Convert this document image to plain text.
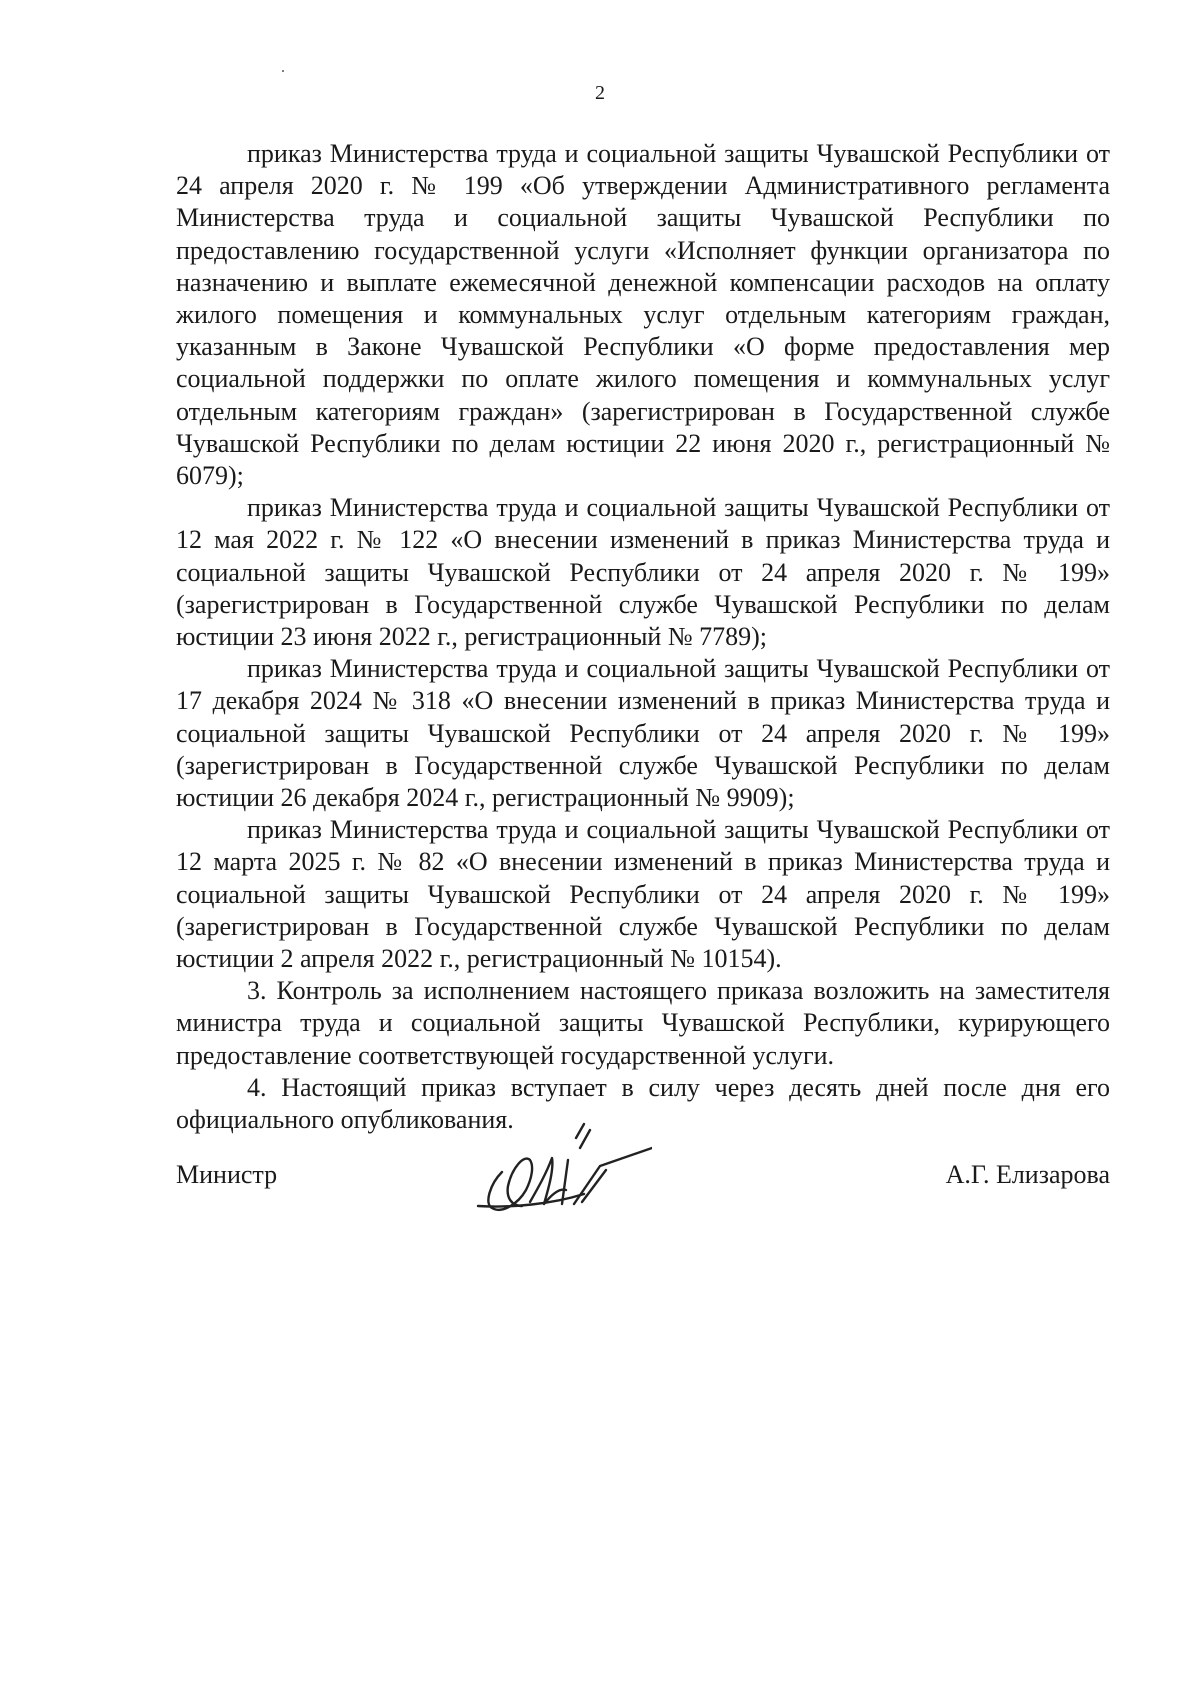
2

приказ Министерства труда и социальной защиты Чувашской Республики от 24 апреля 2020 г. № 199 «Об утверждении Административного регламента Министерства труда и социальной защиты Чувашской Республики по предоставлению государственной услуги «Исполняет функции организатора по назначению и выплате ежемесячной денежной компенсации расходов на оплату жилого помещения и коммунальных услуг отдельным категориям граждан, указанным в Законе Чувашской Республики «О форме предоставления мер социальной поддержки по оплате жилого помещения и коммунальных услуг отдельным категориям граждан» (зарегистрирован в Государственной службе Чувашской Республики по делам юстиции 22 июня 2020 г., регистрационный № 6079);

приказ Министерства труда и социальной защиты Чувашской Республики от 12 мая 2022 г. № 122 «О внесении изменений в приказ Министерства труда и социальной защиты Чувашской Республики от 24 апреля 2020 г. № 199» (зарегистрирован в Государственной службе Чувашской Республики по делам юстиции 23 июня 2022 г., регистрационный № 7789);

приказ Министерства труда и социальной защиты Чувашской Республики от 17 декабря 2024 № 318 «О внесении изменений в приказ Министерства труда и социальной защиты Чувашской Республики от 24 апреля 2020 г. № 199» (зарегистрирован в Государственной службе Чувашской Республики по делам юстиции 26 декабря 2024 г., регистрационный № 9909);

приказ Министерства труда и социальной защиты Чувашской Республики от 12 марта 2025 г. № 82 «О внесении изменений в приказ Министерства труда и социальной защиты Чувашской Республики от 24 апреля 2020 г. № 199» (зарегистрирован в Государственной службе Чувашской Республики по делам юстиции 2 апреля 2022 г., регистрационный № 10154).

3. Контроль за исполнением настоящего приказа возложить на заместителя министра труда и социальной защиты Чувашской Республики, курирующего предоставление соответствующей государственной услуги.

4. Настоящий приказ вступает в силу через десять дней после дня его официального опубликования.

Министр	А.Г. Елизарова
